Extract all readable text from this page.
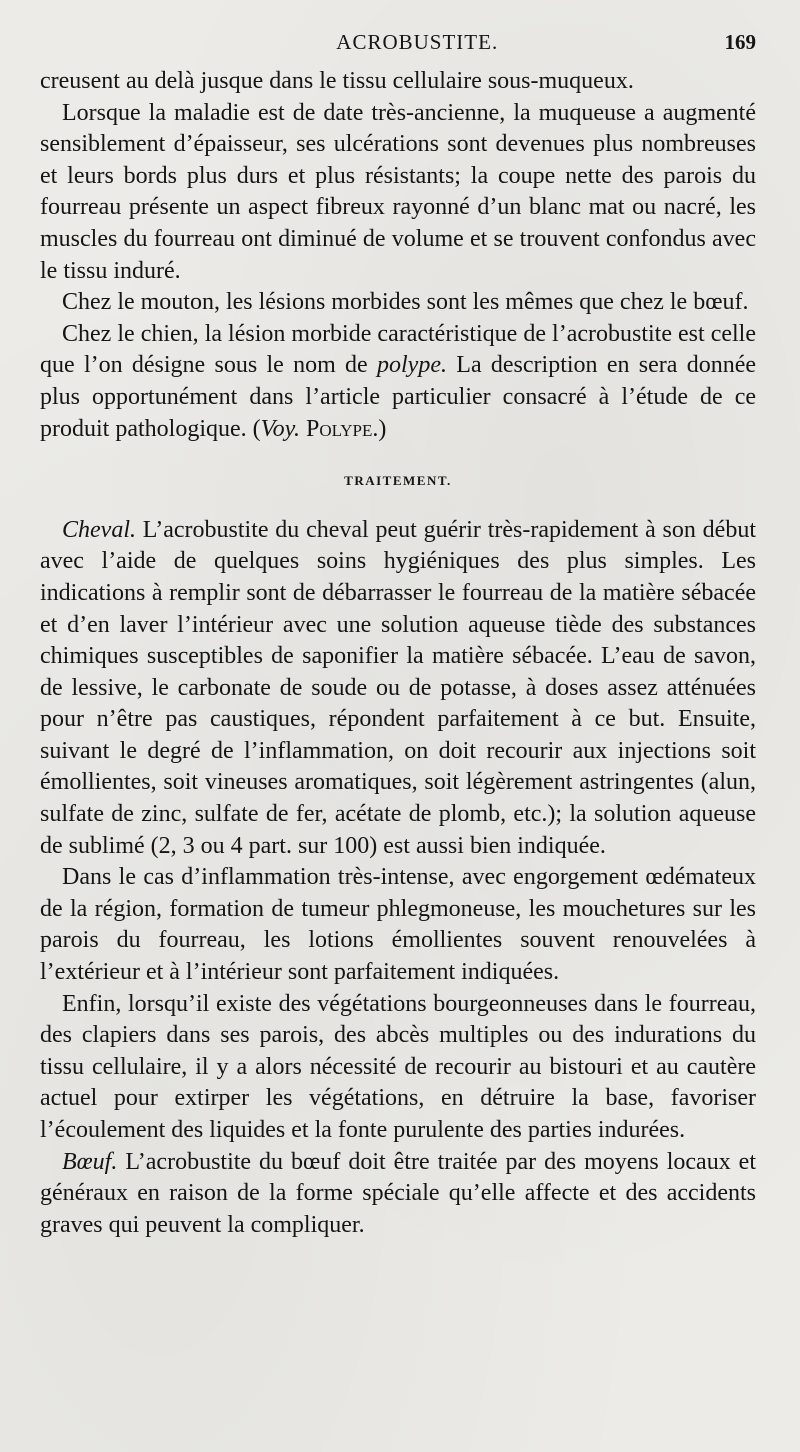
ACROBUSTITE.	169

creusent au delà jusque dans le tissu cellulaire sous-muqueux.

Lorsque la maladie est de date très-ancienne, la muqueuse a augmenté sensiblement d’épaisseur, ses ulcérations sont devenues plus nombreuses et leurs bords plus durs et plus résistants; la coupe nette des parois du fourreau présente un aspect fibreux rayonné d’un blanc mat ou nacré, les muscles du fourreau ont diminué de volume et se trouvent confondus avec le tissu induré.

Chez le mouton, les lésions morbides sont les mêmes que chez le bœuf.

Chez le chien, la lésion morbide caractéristique de l’acrobustite est celle que l’on désigne sous le nom de polype. La description en sera donnée plus opportunément dans l’article particulier consacré à l’étude de ce produit pathologique. (Voy. Polype.)

TRAITEMENT.

Cheval. L’acrobustite du cheval peut guérir très-rapidement à son début avec l’aide de quelques soins hygiéniques des plus simples. Les indications à remplir sont de débarrasser le fourreau de la matière sébacée et d’en laver l’intérieur avec une solution aqueuse tiède des substances chimiques susceptibles de saponifier la matière sébacée. L’eau de savon, de lessive, le carbonate de soude ou de potasse, à doses assez atténuées pour n’être pas caustiques, répondent parfaitement à ce but. Ensuite, suivant le degré de l’inflammation, on doit recourir aux injections soit émollientes, soit vineuses aromatiques, soit légèrement astringentes (alun, sulfate de zinc, sulfate de fer, acétate de plomb, etc.); la solution aqueuse de sublimé (2, 3 ou 4 part. sur 100) est aussi bien indiquée.

Dans le cas d’inflammation très-intense, avec engorgement œdémateux de la région, formation de tumeur phlegmoneuse, les mouchetures sur les parois du fourreau, les lotions émollientes souvent renouvelées à l’extérieur et à l’intérieur sont parfaitement indiquées.

Enfin, lorsqu’il existe des végétations bourgeonneuses dans le fourreau, des clapiers dans ses parois, des abcès multiples ou des indurations du tissu cellulaire, il y a alors nécessité de recourir au bistouri et au cautère actuel pour extirper les végétations, en détruire la base, favoriser l’écoulement des liquides et la fonte purulente des parties indurées.

Bœuf. L’acrobustite du bœuf doit être traitée par des moyens locaux et généraux en raison de la forme spéciale qu’elle affecte et des accidents graves qui peuvent la compliquer.
